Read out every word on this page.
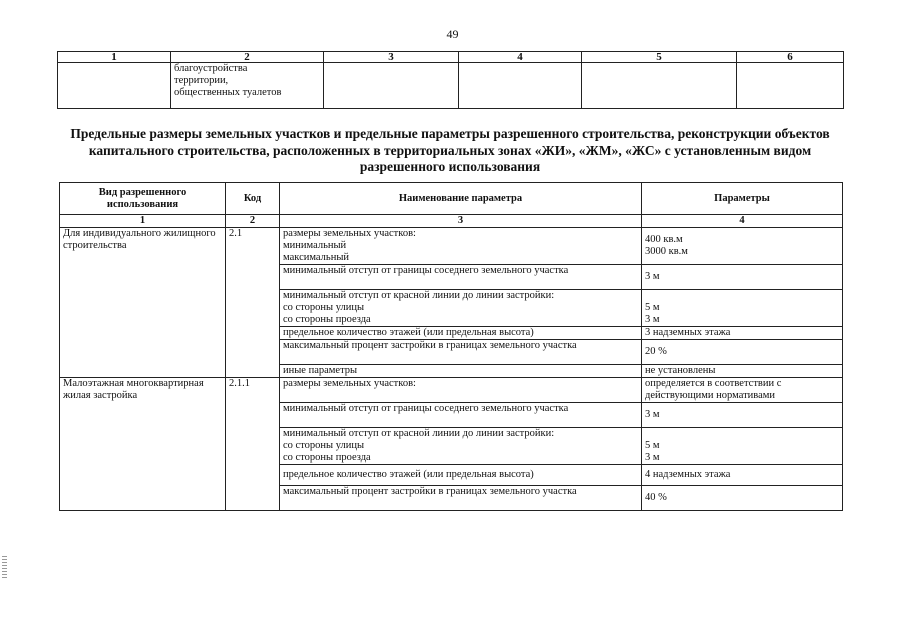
49
1	2	3	4	5	6
	благоустройства
территории,
общественных туалетов				
Предельные размеры земельных участков и предельные параметры разрешенного строительства, реконструкции объектов капитального строительства, расположенных в территориальных зонах «ЖИ», «ЖМ», «ЖС» с установленным видом разрешенного использования
Вид разрешенного использования	Код	Наименование параметра	Параметры
1	2	3	4
Для индивидуального жилищного строительства	2.1	размеры земельных участков:
минимальный
максимальный	400 кв.м
3000 кв.м
		минимальный отступ от границы соседнего земельного участка	3 м
		минимальный отступ от красной линии до линии застройки:
со стороны улицы
со стороны проезда	5 м
3 м
		предельное количество этажей (или предельная высота)	3 надземных этажа
		максимальный процент застройки в границах земельного участка	20 %
		иные параметры	не установлены
Малоэтажная многоквартирная жилая застройка	2.1.1	размеры земельных участков:	определяется в соответствии с действующими нормативами
		минимальный отступ от границы соседнего земельного участка	3 м
		минимальный отступ от красной линии до линии застройки:
со стороны улицы
со стороны проезда	5 м
3 м
		предельное количество этажей (или предельная высота)	4 надземных этажа
		максимальный процент застройки в границах земельного участка	40 %
